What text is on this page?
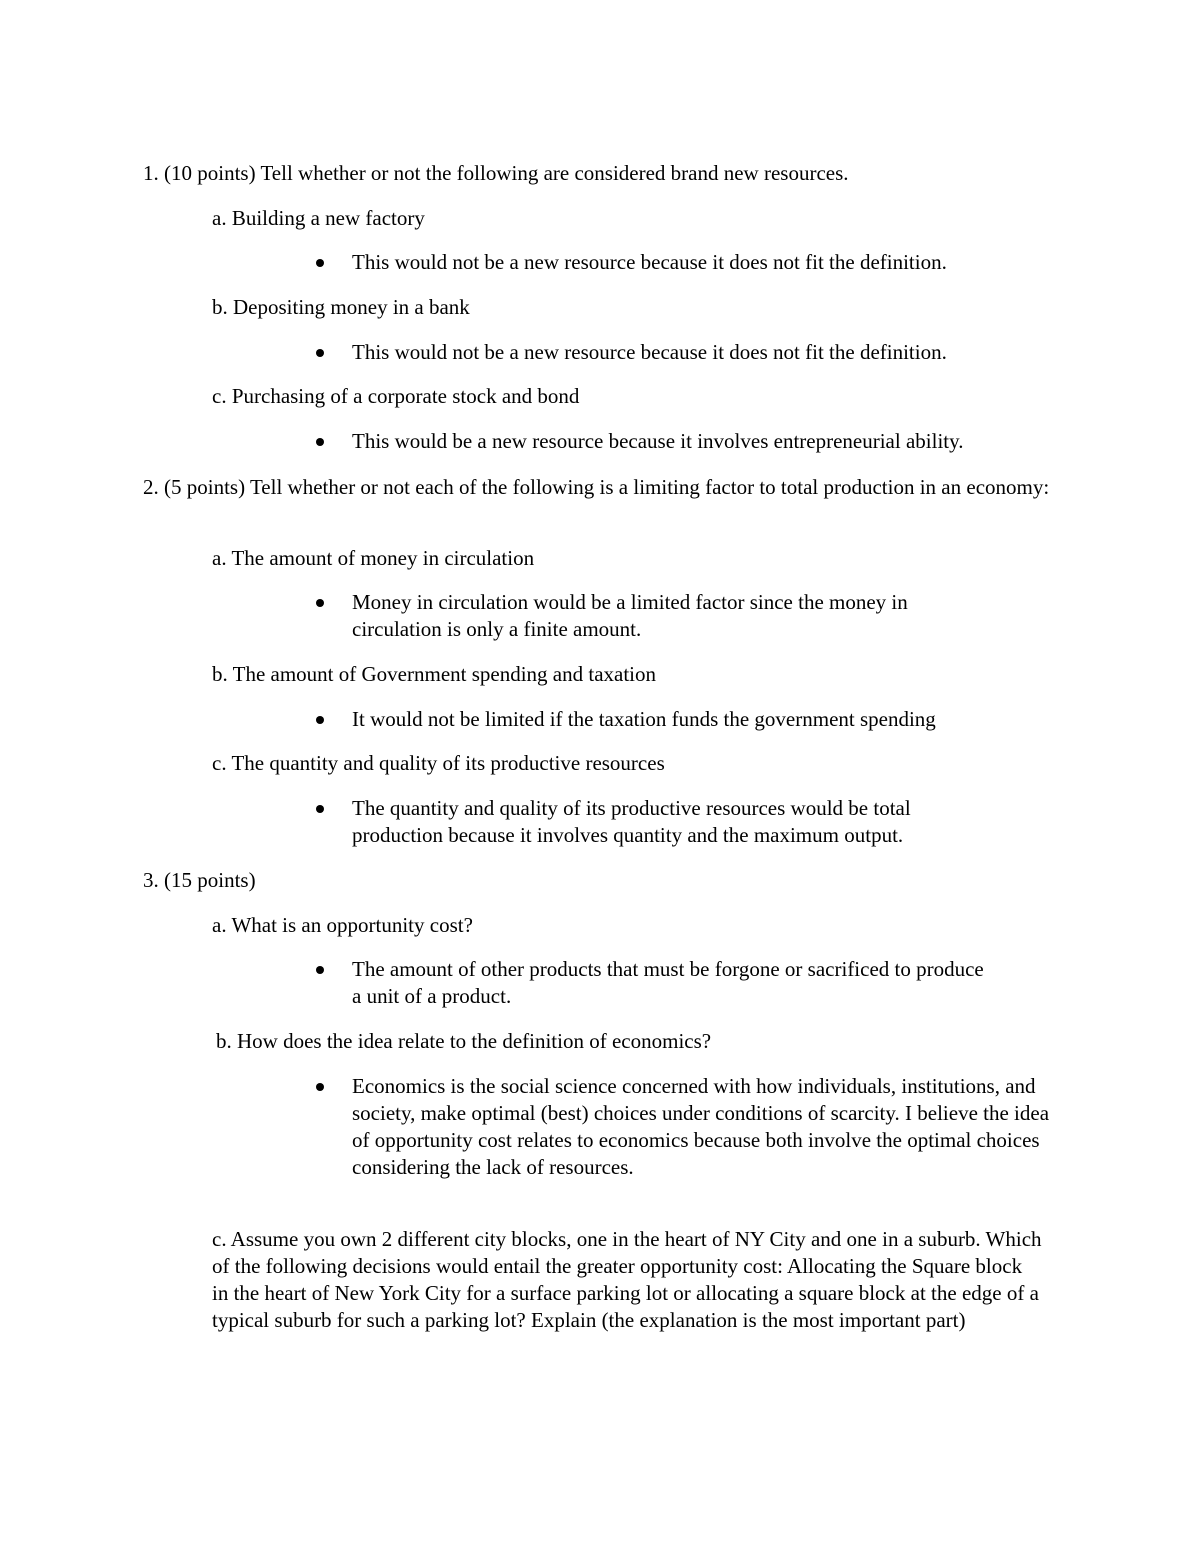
1. (10 points) Tell whether or not the following are considered brand new resources.
a. Building a new factory
This would not be a new resource because it does not fit the definition.
b. Depositing money in a bank
This would not be a new resource because it does not fit the definition.
c. Purchasing of a corporate stock and bond
This would be a new resource because it involves entrepreneurial ability.
2. (5 points) Tell whether or not each of the following is a limiting factor to total production in an economy:
a. The amount of money in circulation
Money in circulation would be a limited factor since the money in circulation is only a finite amount.
b. The amount of Government spending and taxation
It would not be limited if the taxation funds the government spending
c. The quantity and quality of its productive resources
The quantity and quality of its productive resources would be total production because it involves quantity and the maximum output.
3. (15 points)
a. What is an opportunity cost?
The amount of other products that must be forgone or sacrificed to produce a unit of a product.
b. How does the idea relate to the definition of economics?
Economics is the social science concerned with how individuals, institutions, and society, make optimal (best) choices under conditions of scarcity. I believe the idea of opportunity cost relates to economics because both involve the optimal choices considering the lack of resources.
c. Assume you own 2 different city blocks, one in the heart of NY City and one in a suburb. Which of the following decisions would entail the greater opportunity cost: Allocating the Square block in the heart of New York City for a surface parking lot or allocating a square block at the edge of a typical suburb for such a parking lot? Explain (the explanation is the most important part)
